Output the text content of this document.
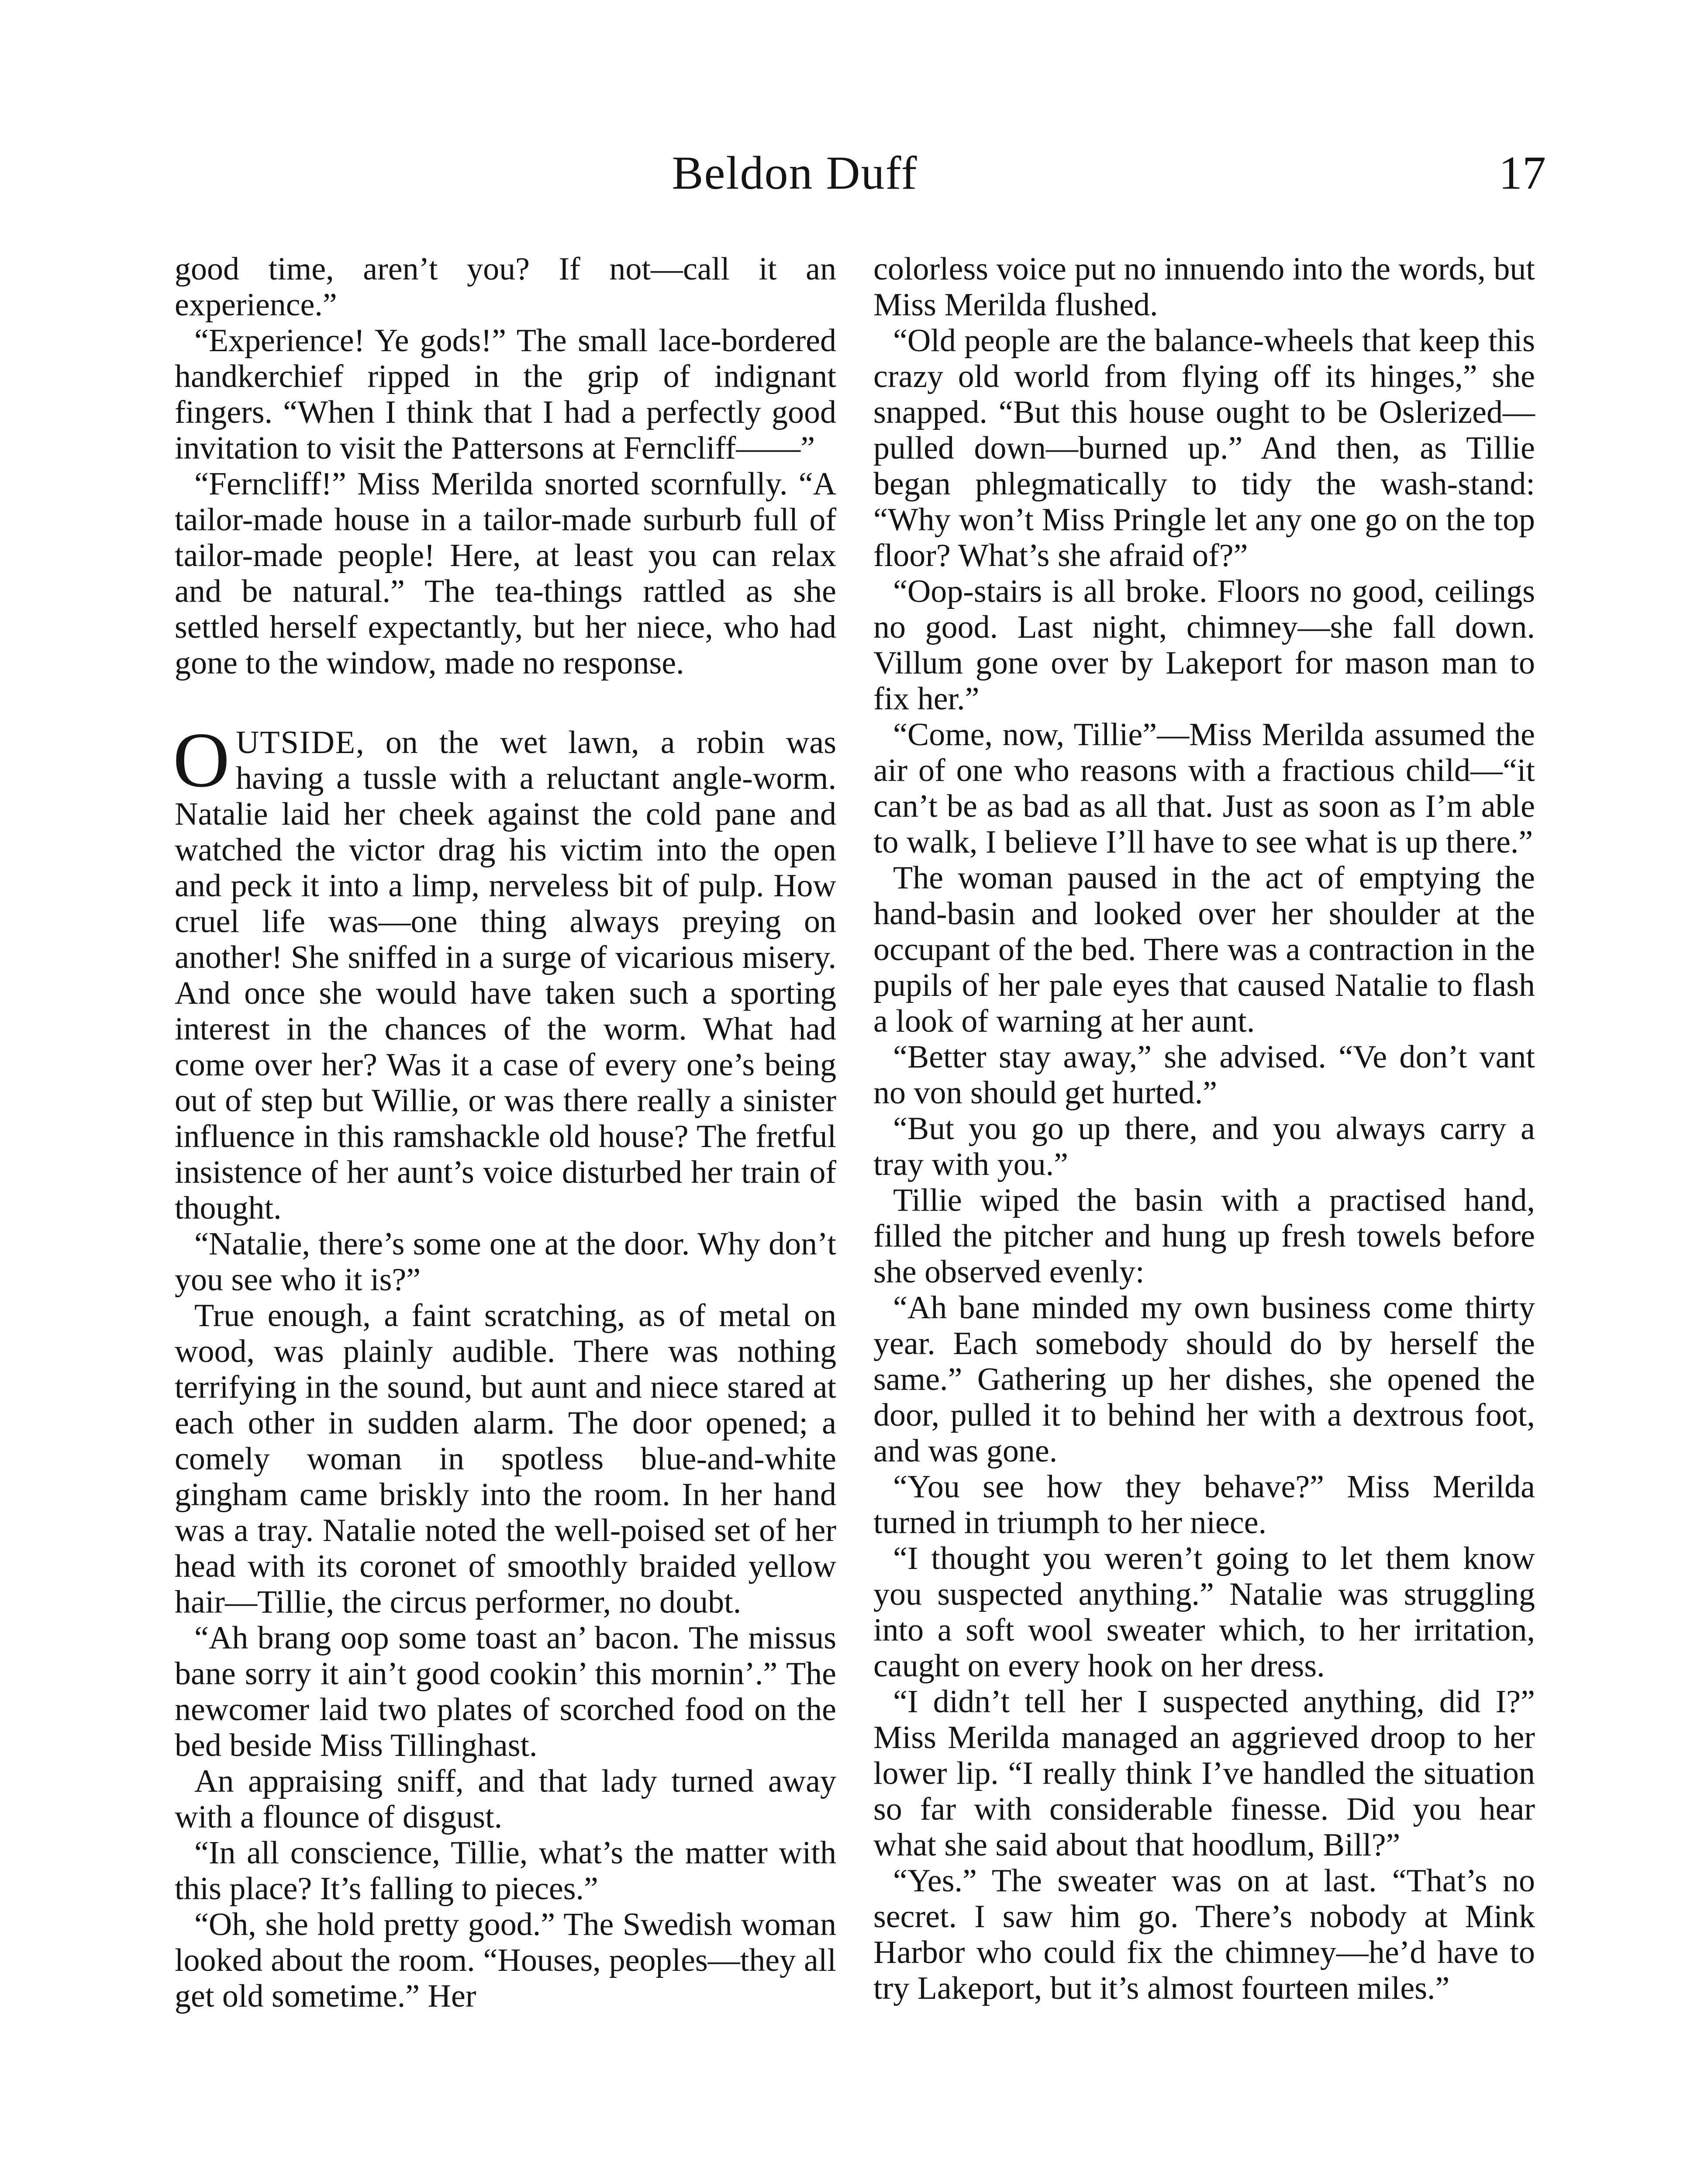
Beldon Duff	17

good time, aren’t you? If not—call it an experience.”

“Experience! Ye gods!” The small lace-bordered handkerchief ripped in the grip of indignant fingers. “When I think that I had a perfectly good invitation to visit the Pattersons at Ferncliff——”

“Ferncliff!” Miss Merilda snorted scornfully. “A tailor-made house in a tailor-made surburb full of tailor-made people! Here, at least you can relax and be natural.” The tea-things rattled as she settled herself expectantly, but her niece, who had gone to the window, made no response.

OUTSIDE, on the wet lawn, a robin was having a tussle with a reluctant angle-worm. Natalie laid her cheek against the cold pane and watched the victor drag his victim into the open and peck it into a limp, nerveless bit of pulp. How cruel life was—one thing always preying on another! She sniffed in a surge of vicarious misery. And once she would have taken such a sporting interest in the chances of the worm. What had come over her? Was it a case of every one’s being out of step but Willie, or was there really a sinister influence in this ramshackle old house? The fretful insistence of her aunt’s voice disturbed her train of thought.

“Natalie, there’s some one at the door. Why don’t you see who it is?”

True enough, a faint scratching, as of metal on wood, was plainly audible. There was nothing terrifying in the sound, but aunt and niece stared at each other in sudden alarm. The door opened; a comely woman in spotless blue-and-white gingham came briskly into the room. In her hand was a tray. Natalie noted the well-poised set of her head with its coronet of smoothly braided yellow hair—Tillie, the circus performer, no doubt.

“Ah brang oop some toast an’ bacon. The missus bane sorry it ain’t good cookin’ this mornin’.” The newcomer laid two plates of scorched food on the bed beside Miss Tillinghast.

An appraising sniff, and that lady turned away with a flounce of disgust.

“In all conscience, Tillie, what’s the matter with this place? It’s falling to pieces.”

“Oh, she hold pretty good.” The Swedish woman looked about the room. “Houses, peoples—they all get old sometime.” Her

colorless voice put no innuendo into the words, but Miss Merilda flushed.

“Old people are the balance-wheels that keep this crazy old world from flying off its hinges,” she snapped. “But this house ought to be Oslerized—pulled down—burned up.” And then, as Tillie began phlegmatically to tidy the wash-stand: “Why won’t Miss Pringle let any one go on the top floor? What’s she afraid of?”

“Oop-stairs is all broke. Floors no good, ceilings no good. Last night, chimney—she fall down. Villum gone over by Lakeport for mason man to fix her.”

“Come, now, Tillie”—Miss Merilda assumed the air of one who reasons with a fractious child—“it can’t be as bad as all that. Just as soon as I’m able to walk, I believe I’ll have to see what is up there.”

The woman paused in the act of emptying the hand-basin and looked over her shoulder at the occupant of the bed. There was a contraction in the pupils of her pale eyes that caused Natalie to flash a look of warning at her aunt.

“Better stay away,” she advised. “Ve don’t vant no von should get hurted.”

“But you go up there, and you always carry a tray with you.”

Tillie wiped the basin with a practised hand, filled the pitcher and hung up fresh towels before she observed evenly:

“Ah bane minded my own business come thirty year. Each somebody should do by herself the same.” Gathering up her dishes, she opened the door, pulled it to behind her with a dextrous foot, and was gone.

“You see how they behave?” Miss Merilda turned in triumph to her niece.

“I thought you weren’t going to let them know you suspected anything.” Natalie was struggling into a soft wool sweater which, to her irritation, caught on every hook on her dress.

“I didn’t tell her I suspected anything, did I?” Miss Merilda managed an aggrieved droop to her lower lip. “I really think I’ve handled the situation so far with considerable finesse. Did you hear what she said about that hoodlum, Bill?”

“Yes.” The sweater was on at last. “That’s no secret. I saw him go. There’s nobody at Mink Harbor who could fix the chimney—he’d have to try Lakeport, but it’s almost fourteen miles.”
